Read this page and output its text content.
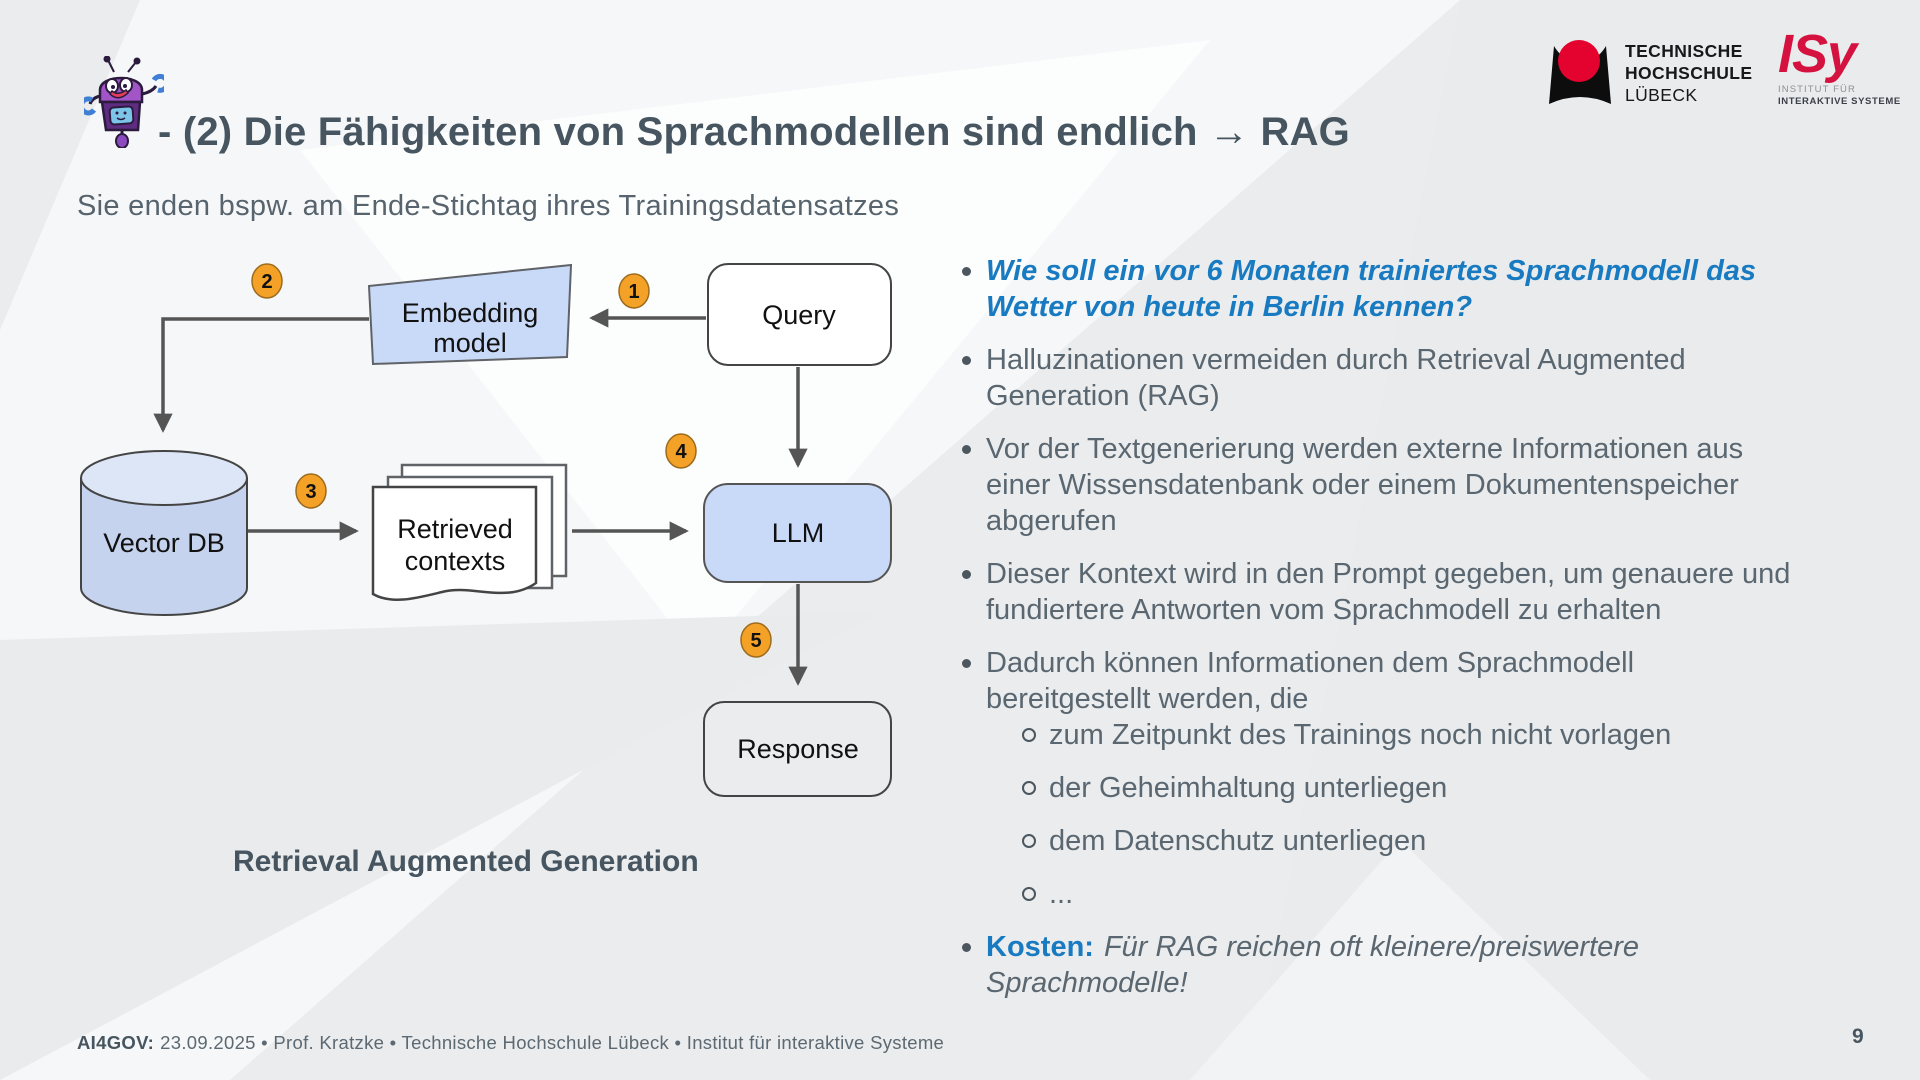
- (2) Die Fähigkeiten von Sprachmodellen sind endlich → RAG
Sie enden bspw. am Ende-Stichtag ihres Trainingsdatensatzes
TECHNISCHE
HOCHSCHULE
LÜBECK
ISy
INSTITUT FÜR
INTERAKTIVE SYSTEME
Embedding
model
Query
Vector DB	Retrieved
contexts
LLM
Response
1
2
3
4
5
Retrieval Augmented Generation
Wie soll ein vor 6 Monaten trainiertes Sprachmodell das Wetter von heute in Berlin kennen?
Halluzinationen vermeiden durch Retrieval Augmented Generation (RAG)
Vor der Textgenerierung werden externe Informationen aus einer Wissensdatenbank oder einem Dokumentenspeicher abgerufen
Dieser Kontext wird in den Prompt gegeben, um genauere und fundiertere Antworten vom Sprachmodell zu erhalten
Dadurch können Informationen dem Sprachmodell bereitgestellt werden, die
zum Zeitpunkt des Trainings noch nicht vorlagen
der Geheimhaltung unterliegen
dem Datenschutz unterliegen
...
Kosten: Für RAG reichen oft kleinere/preiswertere Sprachmodelle!
AI4GOV: 23.09.2025 • Prof. Kratzke • Technische Hochschule Lübeck • Institut für interaktive Systeme	9
